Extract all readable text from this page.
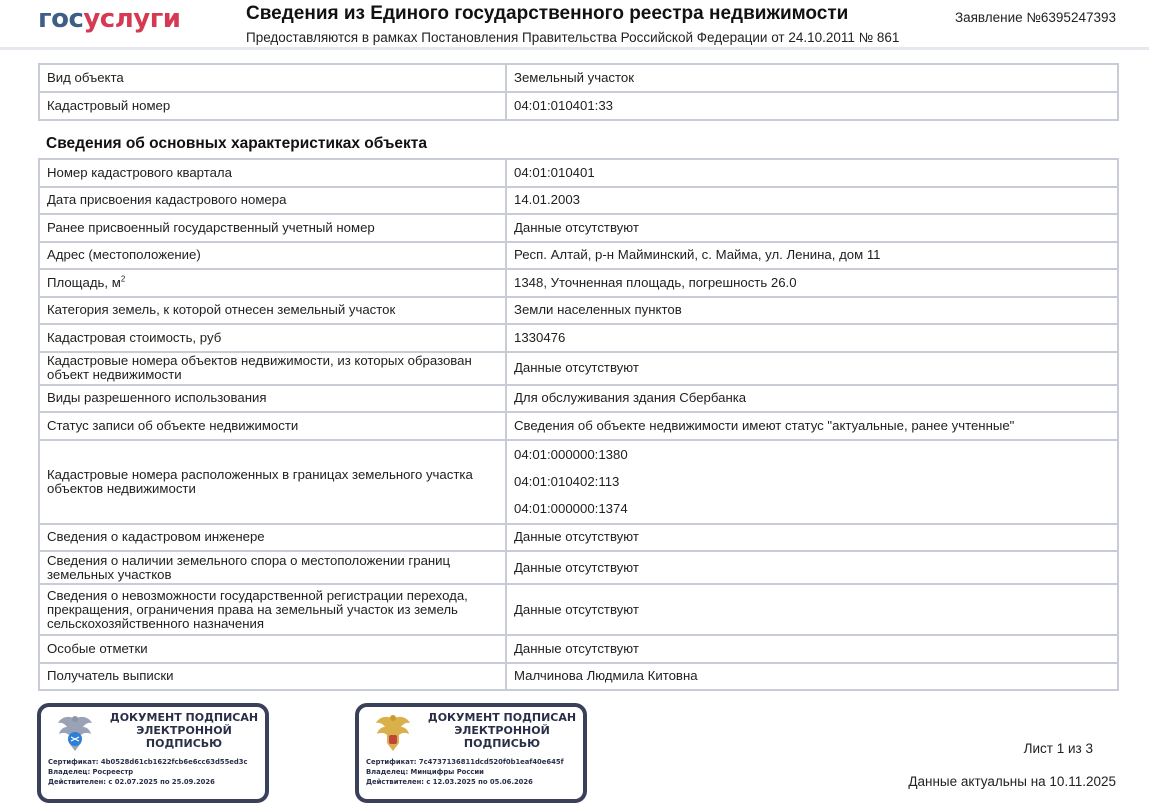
госуслуги	Сведения из Единого государственного реестра недвижимости
Предоставляются в рамках Постановления Правительства Российской Федерации от 24.10.2011 № 861
Заявление №6395247393
Вид объекта	Земельный участок
Кадастровый номер	04:01:010401:33
Сведения об основных характеристиках объекта
Номер кадастрового квартала	04:01:010401
Дата присвоения кадастрового номера	14.01.2003
Ранее присвоенный государственный учетный номер	Данные отсутствуют
Адрес (местоположение)	Респ. Алтай, р-н Майминский, с. Майма, ул. Ленина, дом 11
Площадь, $м^2$	1348, Уточненная площадь, погрешность 26.0
Категория земель, к которой отнесен земельный участок	Земли населенных пунктов
Кадастровая стоимость, руб	1330476
Кадастровые номера объектов недвижимости, из которых образован объект недвижимости	Данные отсутствуют
Виды разрешенного использования	Для обслуживания здания Сбербанка
Статус записи об объекте недвижимости	Сведения об объекте недвижимости имеют статус "актуальные, ранее учтенные"
Кадастровые номера расположенных в границах земельного участка объектов недвижимости	04:01:000000:1380
04:01:010402:113
04:01:000000:1374

Сведения о кадастровом инженере	Данные отсутствуют
Сведения о наличии земельного спора о местоположении границ земельных участков	Данные отсутствуют
Сведения о невозможности государственной регистрации перехода, прекращения, ограничения права на земельный участок из земель сельскохозяйственного назначения	Данные отсутствуют
Особые отметки	Данные отсутствуют
Получатель выписки	Малчинова Людмила Китовна
ДОКУМЕНТ ПОДПИСАН
ЭЛЕКТРОННОЙ
ПОДПИСЬЮ
Сертификат: 4b0528d61cb1622fcb6e6cc63d55ed3c
Владелец: Росреестр
Действителен: с 02.07.2025 по 25.09.2026
ДОКУМЕНТ ПОДПИСАН
ЭЛЕКТРОННОЙ
ПОДПИСЬЮ
Сертификат: 7c4737136811dcd520f0b1eaf40e645f
Владелец: Минцифры России
Действителен: с 12.03.2025 по 05.06.2026
Лист 1 из 3
Данные актуальны на 10.11.2025
